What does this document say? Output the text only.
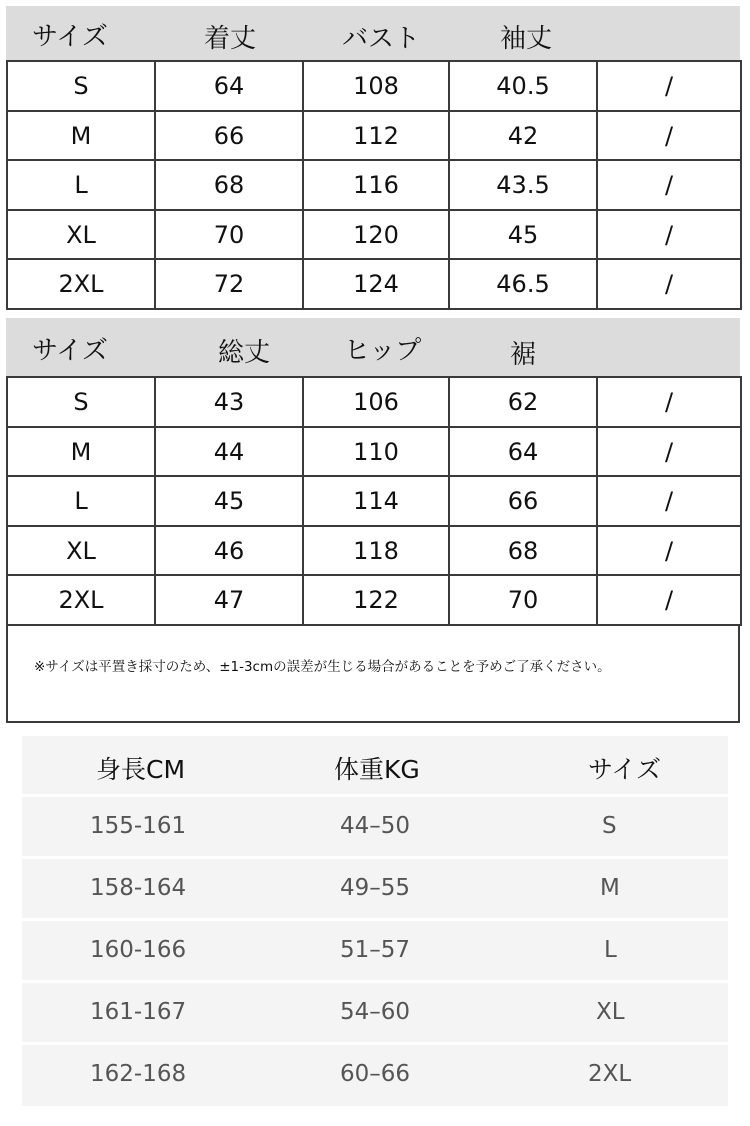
サイズ	着丈	バスト	袖丈
S	64	108	40.5	/
M	66	112	42	/
L	68	116	43.5	/
XL	70	120	45	/
2XL	72	124	46.5	/
サイズ	総丈	ヒップ	裾
S	43	106	62	/
M	44	110	64	/
L	45	114	66	/
XL	46	118	68	/
2XL	47	122	70	/
※サイズは平置き採寸のため、±1-3cmの誤差が生じる場合があることを予めご了承ください。
身長CM	体重KG	サイズ
155-161	44–50	S
158-164	49–55	M
160-166	51–57	L
161-167	54–60	XL
162-168	60–66	2XL
